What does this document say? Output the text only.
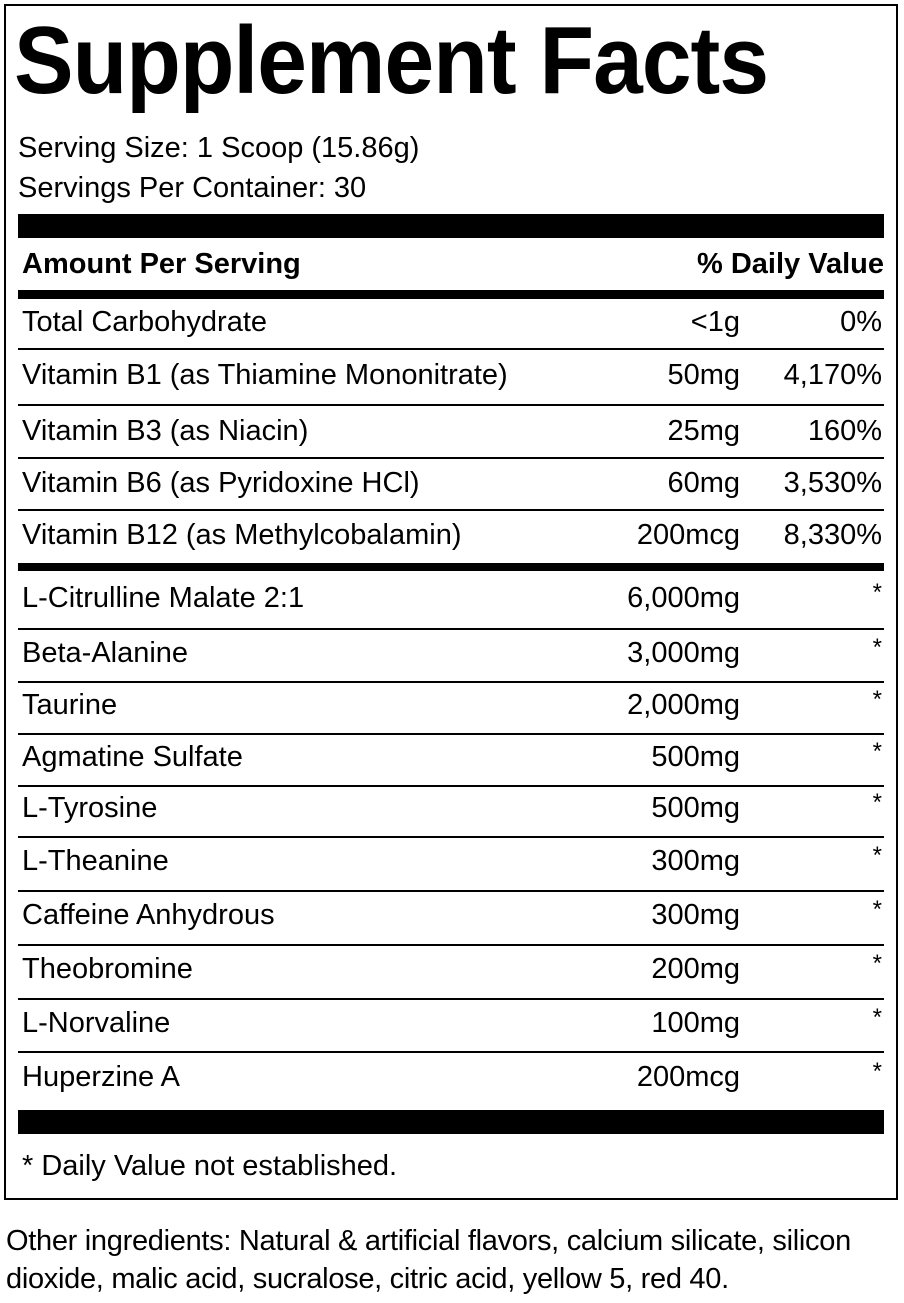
Supplement Facts
Serving Size: 1 Scoop (15.86g)
Servings Per Container: 30
Amount Per Serving	% Daily Value
Total Carbohydrate	<1g	0%
Vitamin B1 (as Thiamine Mononitrate)	50mg 4,170%
Vitamin B3 (as Niacin)	25mg 160%
Vitamin B6 (as Pyridoxine HCl)	60mg 3,530%
Vitamin B12 (as Methylcobalamin)	200mcg 8,330%
L-Citrulline Malate 2:1	6,000mg	*
Beta-Alanine	3,000mg	*
Taurine	2,000mg	*
Agmatine Sulfate	500mg	*
L-Tyrosine	500mg	*
L-Theanine	300mg	*
Caffeine Anhydrous	300mg	*
Theobromine	200mg	*
L-Norvaline	100mg	*
Huperzine A	200mcg	*
* Daily Value not established.
Other ingredients: Natural & artificial flavors, calcium silicate, silicon dioxide, malic acid, sucralose, citric acid, yellow 5, red 40.
